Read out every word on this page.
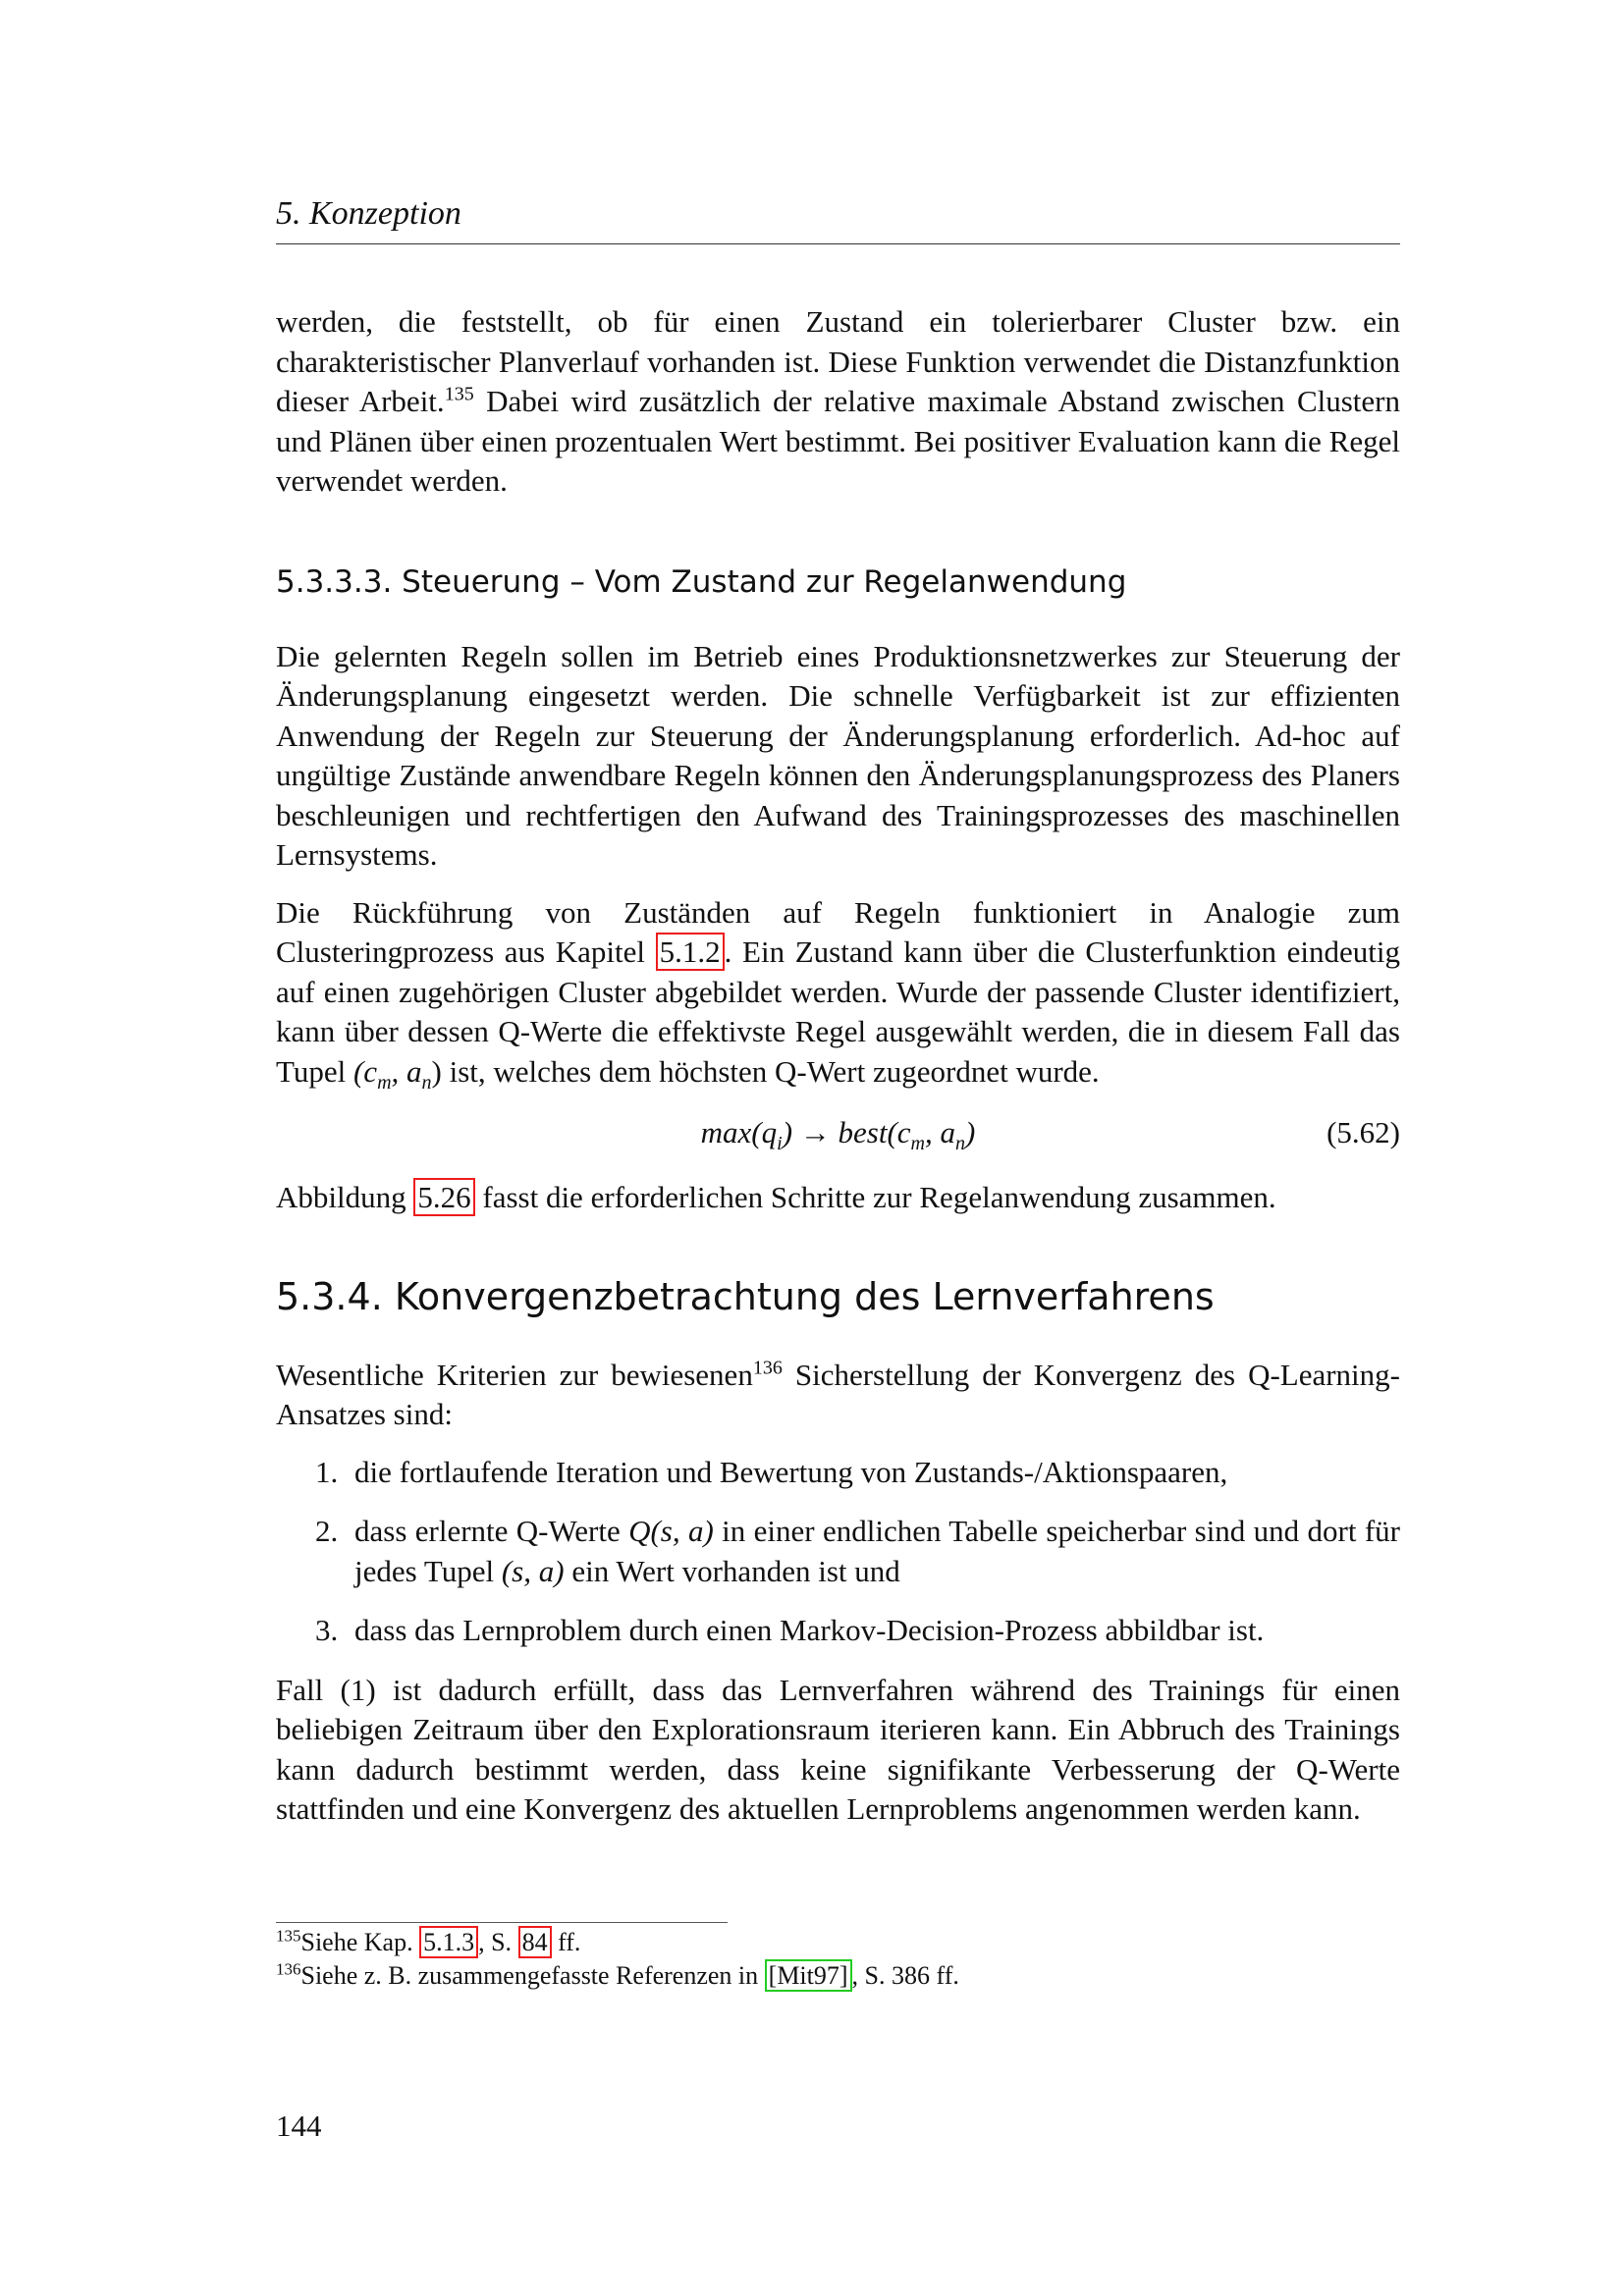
5. Konzeption

werden, die feststellt, ob für einen Zustand ein tolerierbarer Cluster bzw. ein charakteristischer Planverlauf vorhanden ist. Diese Funktion verwendet die Distanzfunktion dieser Arbeit.$^{135}$ Dabei wird zusätzlich der relative maximale Abstand zwischen Clustern und Plänen über einen prozentualen Wert bestimmt. Bei positiver Evaluation kann die Regel verwendet werden.

5.3.3.3. Steuerung – Vom Zustand zur Regelanwendung

Die gelernten Regeln sollen im Betrieb eines Produktionsnetzwerkes zur Steuerung der Änderungsplanung eingesetzt werden. Die schnelle Verfügbarkeit ist zur effizienten Anwendung der Regeln zur Steuerung der Änderungsplanung erforderlich. Ad-hoc auf ungültige Zustände anwendbare Regeln können den Änderungsplanungsprozess des Planers beschleunigen und rechtfertigen den Aufwand des Trainingsprozesses des maschinellen Lernsystems.

Die Rückführung von Zuständen auf Regeln funktioniert in Analogie zum Clusteringprozess aus Kapitel 5.1.2 . Ein Zustand kann über die Clusterfunktion eindeutig auf einen zugehörigen Cluster abgebildet werden. Wurde der passende Cluster identifiziert, kann über dessen Q-Werte die effektivste Regel ausgewählt werden, die in diesem Fall das Tupel ($c_m$, $a_n$) ist, welches dem höchsten Q-Wert zugeordnet wurde.

$\max(q_i)$ → $best(c_m$, $a_n$)	(5.62)

Abbildung 5.26 fasst die erforderlichen Schritte zur Regelanwendung zusammen.

5.3.4. Konvergenzbetrachtung des Lernverfahrens

Wesentliche Kriterien zur bewiesenen$^{136}$ Sicherstellung der Konvergenz des Q-Learning-Ansatzes sind:

1. die fortlaufende Iteration und Bewertung von Zustands-/Aktionspaaren,
2. dass erlernte Q-Werte Q(s, a) in einer endlichen Tabelle speicherbar sind und dort für jedes Tupel (s, a) ein Wert vorhanden ist und
3. dass das Lernproblem durch einen Markov-Decision-Prozess abbildbar ist.

Fall (1) ist dadurch erfüllt, dass das Lernverfahren während des Trainings für einen beliebigen Zeitraum über den Explorationsraum iterieren kann. Ein Abbruch des Trainings kann dadurch bestimmt werden, dass keine signifikante Verbesserung der Q-Werte stattfinden und eine Konvergenz des aktuellen Lernproblems angenommen werden kann.

$^{135}$Siehe Kap. 5.1.3 , S. 84 ff.
$^{136}$Siehe z. B. zusammengefasste Referenzen in [Mit97] , S. 386 ff.
144
